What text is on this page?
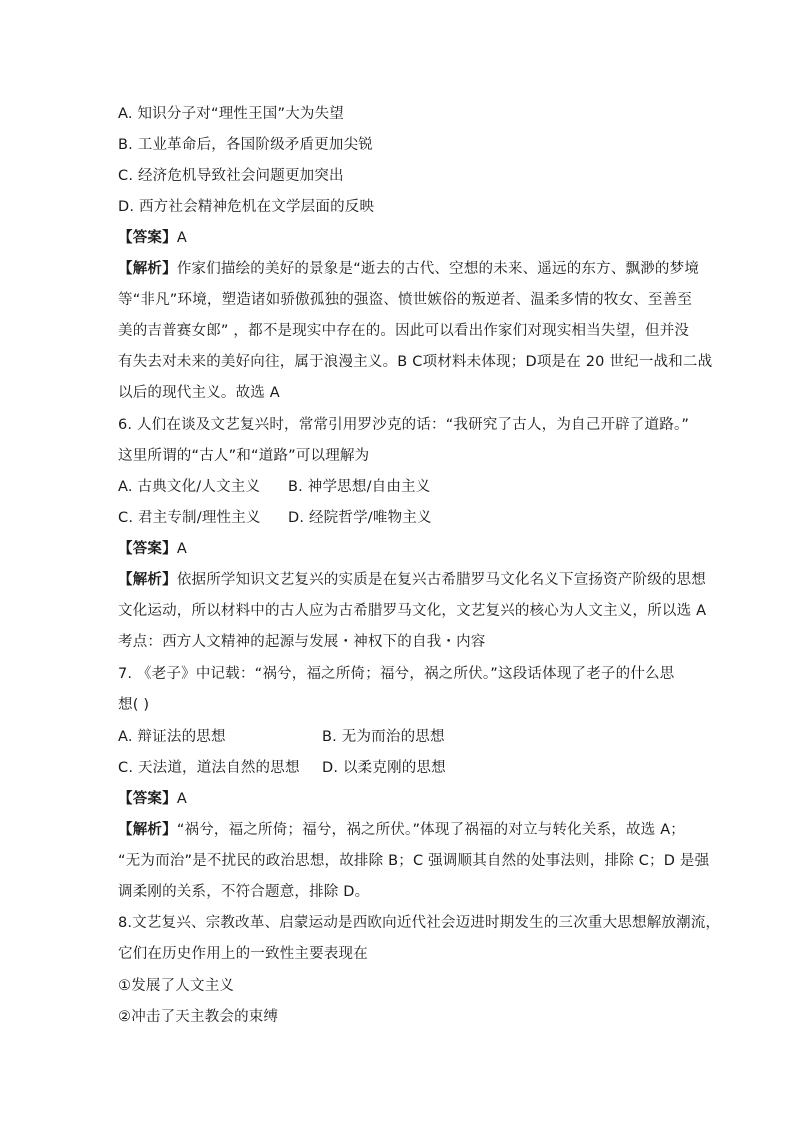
A. 知识分子对“理性王国”大为失望
B. 工业革命后，各国阶级矛盾更加尖锐
C. 经济危机导致社会问题更加突出
D. 西方社会精神危机在文学层面的反映
【答案】A
【解析】作家们描绘的美好的景象是“逝去的古代、空想的未来、遥远的东方、飘渺的梦境
等“非凡”环境，塑造诸如骄傲孤独的强盗、愤世嫉俗的叛逆者、温柔多情的牧女、至善至
美的吉普赛女郎” ，都不是现实中存在的。因此可以看出作家们对现实相当失望，但并没
有失去对未来的美好向往，属于浪漫主义。B C项材料未体现；D项是在 20 世纪一战和二战
以后的现代主义。故选 A
6. 人们在谈及文艺复兴时，常常引用罗沙克的话：“我研究了古人，为自己开辟了道路。”
这里所谓的“古人”和“道路”可以理解为
A. 古典文化/人文主义 B. 神学思想/自由主义
C. 君主专制/理性主义 D. 经院哲学/唯物主义
【答案】A
【解析】依据所学知识文艺复兴的实质是在复兴古希腊罗马文化名义下宣扬资产阶级的思想
文化运动，所以材料中的古人应为古希腊罗马文化，文艺复兴的核心为人文主义，所以选 A
考点：西方人文精神的起源与发展・神权下的自我・内容
7. 《老子》中记载：“祸兮，福之所倚；福兮，祸之所伏。”这段话体现了老子的什么思
想( )
A. 辩证法的思想	B. 无为而治的思想
C. 天法道，道法自然的思想 D. 以柔克刚的思想
【答案】A
【解析】“祸兮，福之所倚；福兮，祸之所伏。”体现了祸福的对立与转化关系，故选 A；
“无为而治”是不扰民的政治思想，故排除 B；C 强调顺其自然的处事法则，排除 C；D 是强
调柔刚的关系，不符合题意，排除 D。
8.文艺复兴、宗教改革、启蒙运动是西欧向近代社会迈进时期发生的三次重大思想解放潮流，
它们在历史作用上的一致性主要表现在
①发展了人文主义
②冲击了天主教会的束缚
